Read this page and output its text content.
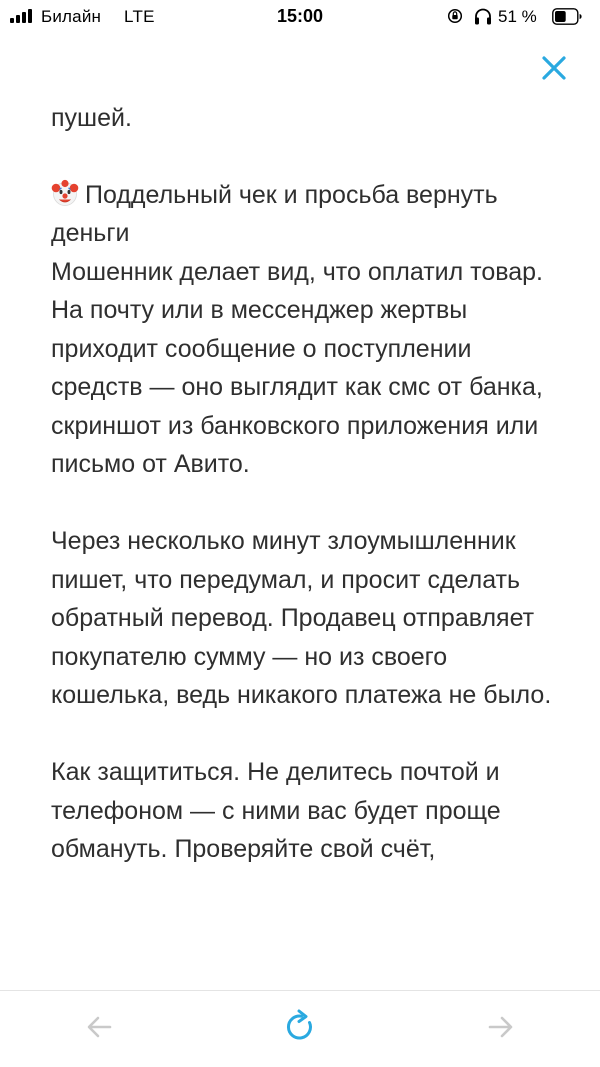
Билайн LTE	15:00	51 %

пушей.

Поддельный чек и просьба вернуть деньги
Мошенник делает вид, что оплатил товар. На почту или в мессенджер жертвы приходит сообщение о поступлении средств — оно выглядит как смс от банка, скриншот из банковского приложения или письмо от Авито.

Через несколько минут злоумышленник пишет, что передумал, и просит сделать обратный перевод. Продавец отправляет покупателю сумму — но из своего кошелька, ведь никакого платежа не было.

Как защититься. Не делитесь почтой и телефоном — с ними вас будет проще обмануть. Проверяйте свой счёт,
